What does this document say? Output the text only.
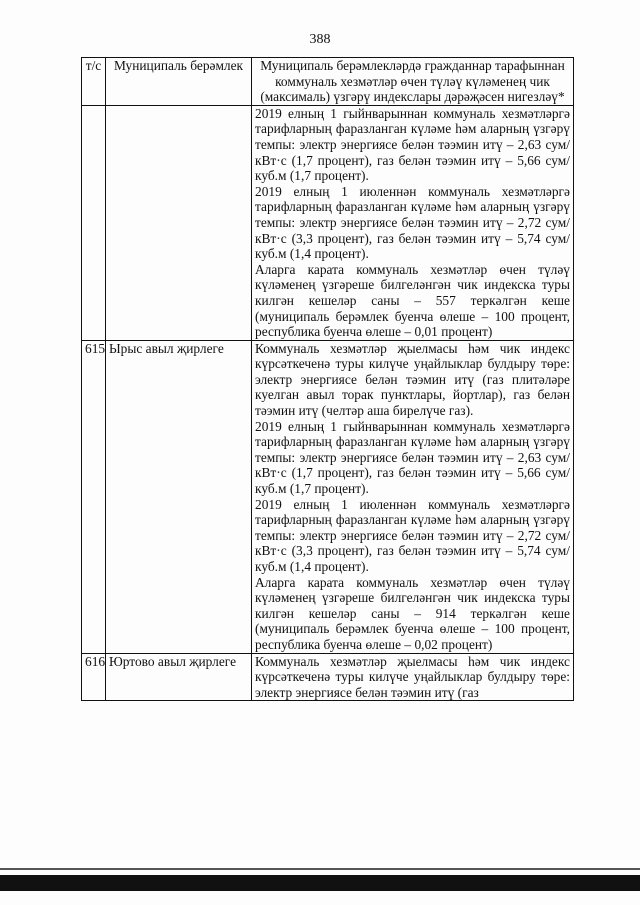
388
т/с	Муниципаль берәмлек	Муниципаль берәмлекләрдә гражданнар тарафыннан коммуналь хезмәтләр өчен түләү күләменең чик (максималь) үзгәрү индекслары дәрәҗәсен нигезләү*

		2019 елның 1 гыйнварыннан коммуналь хезмәтләргә тарифларның фаразланган күләме һәм аларның үзгәрү темпы: электр энергиясе белән тәэмин итү – 2,63 сум/кВт·с (1,7 процент), газ белән тәэмин итү – 5,66 сум/куб.м (1,7 процент).

2019 елның 1 июленнән коммуналь хезмәтләргә тарифларның фаразланган күләме һәм аларның үзгәрү темпы: электр энергиясе белән тәэмин итү – 2,72 сум/кВт·с (3,3 процент), газ белән тәэмин итү – 5,74 сум/куб.м (1,4 процент).

Аларга карата коммуналь хезмәтләр өчен түләү күләменең үзгәреше билгеләнгән чик индекска туры килгән кешеләр саны – 557 теркәлгән кеше (муниципаль берәмлек буенча өлеше – 100 процент, республика буенча өлеше – 0,01 процент)

615	Ырыс авыл җирлеге	Коммуналь хезмәтләр җыелмасы һәм чик индекс күрсәткеченә туры килүче уңайлыклар булдыру төре: электр энергиясе белән тәэмин итү (газ плитәләре куелган авыл торак пунктлары, йортлар), газ белән тәэмин итү (челтәр аша бирелүче газ).

2019 елның 1 гыйнварыннан коммуналь хезмәтләргә тарифларның фаразланган күләме һәм аларның үзгәрү темпы: электр энергиясе белән тәэмин итү – 2,63 сум/кВт·с (1,7 процент), газ белән тәэмин итү – 5,66 сум/куб.м (1,7 процент).

2019 елның 1 июленнән коммуналь хезмәтләргә тарифларның фаразланган күләме һәм аларның үзгәрү темпы: электр энергиясе белән тәэмин итү – 2,72 сум/кВт·с (3,3 процент), газ белән тәэмин итү – 5,74 сум/куб.м (1,4 процент).

Аларга карата коммуналь хезмәтләр өчен түләү күләменең үзгәреше билгеләнгән чик индекска туры килгән кешеләр саны – 914 теркәлгән кеше (муниципаль берәмлек буенча өлеше – 100 процент, республика буенча өлеше – 0,02 процент)

616	Юртово авыл җирлеге	Коммуналь хезмәтләр җыелмасы һәм чик индекс күрсәткеченә туры килүче уңайлыклар булдыру төре: электр энергиясе белән тәэмин итү (газ
